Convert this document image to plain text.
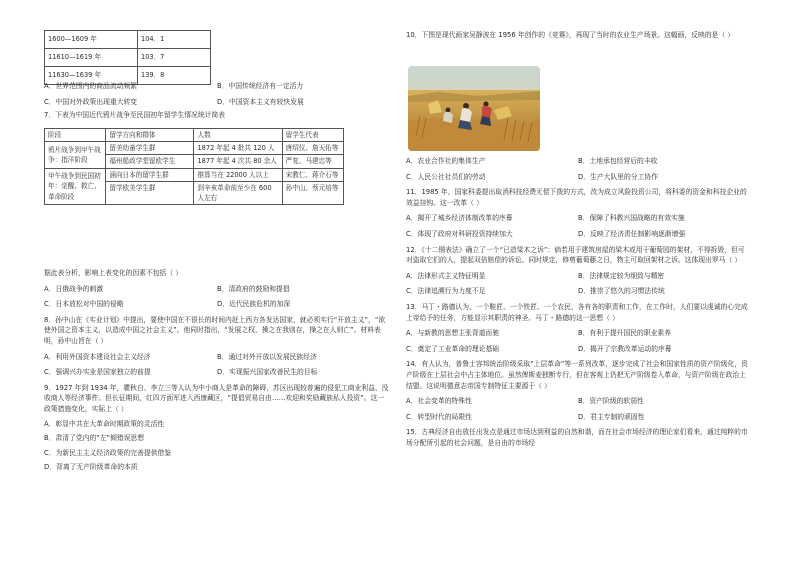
1600—1609 年	104．1
11610—1619 年	103．7
11630—1639 年	139．8
A．世界范围内的商品流动频繁	B．中国传统经济有一定活力
C．中国对外政策出现重大转变	D．中国资本主义有较快发展

7．下表为中国近代鸦片战争至民国初年留学生情况统计简表

阶段	留学方向和群体	人数	留学生代表
鸦片战争到甲午战争：指洋阶段	留美幼童学生群	1872 年起 4 批共 120 人	唐绍仪、詹天佑等
	福州船政学堂留欧学生	1877 年起 4 次共 80 余人	严复、马建忠等
甲午战争到民国初年：觉醒、救亡、革命阶段	涌向日本的留学生群	推算当在 22000 人以上	宋教仁、蒋介石等
	留学欧美学生群	到辛亥革命前至少在 600 人左右	孙中山、蔡元培等

据此表分析，影响上表变化的因素不包括（ ）

A．日俄战争的刺激	B．清政府的鼓励和提倡
C．日本放松对中国的侵略	D．近代民族危机的加深

8．孙中山在《实业计划》中提出，要使中国在不很长的时间内赶上西方各发达国家，就必须实行“开放主义”，“欲使外国之资本主义，以造成中国之社会主义”。他同时指出，“发展之权，操之在我则存，操之在人则亡”。材料表明，孙中山旨在（ ）

A．利用外国资本建设社会主义经济	B．通过对外开放以发展民族经济
C．强调兴办实业是国家独立的前提	D．实现振兴国家改善民生的目标

9．1927 年到 1934 年，瞿秋白、李立三等人认为中小商人是革命的障碍，苏区出现较普遍的侵犯工商业利益、没收商人等经济事件。但长征期间，红四方面军进入西康藏区，“提倡贸易自由……欢迎和奖励藏族私人投资”。这一政策措施变化，实际上（ ）

A．彰显中共在大革命时期政策的灵活性

B．肃清了党内的“左”倾错误思想

C．为新民主主义经济政策的完善提供借鉴

D．背离了无产阶级革命的本质

10．下图是现代画家吴静波在 1956 年创作的《竞赛》，再现了当时的农业生产场景。这幅画，反映的是（ ）

A．农业合作社的集体生产	B．土地承包经营后的丰收
C．人民公社社员们的劳动	D．生产大队里的分工协作

11．1985 年，国家科委提出取消科技经费无偿下拨的方式，改为成立风险投资公司，将科委的资金和科技企业的效益挂钩。这一改革（ ）

A．揭开了城乡经济体制改革的序幕	B．保障了科教兴国战略的有效实施
C．体现了政府对科研投资持续加大	D．反映了经济责任制影响逐渐增强

12．《十二铜表法》确立了一个“已造梁木之诉”：倘若用于建筑房屋的梁木或用于葡萄园的架材，不得拆毁，但可对盗取它们的人，提起双倍赔偿的诉讼。同时规定，修剪葡萄藤之日，物主可取回架材之诉。这体现出罗马（ ）

A．法律形式主义特征明显	B．法律规定较为细致与精密
C．法律追溯行为力度不足	D．推崇了悠久的习惯法传统

13．马丁・路德认为，一个鞋匠、一个铁匠、一个农民，各有各的职责和工作，在工作时，人们要以虔诚的心完成上帝给予的任务，方能显示其职责的神圣。马丁・路德的这一思想（ ）

A．与新教的思想主张背道而驰	B．有利于提升国民的职业素养
C．奠定了工业革命的理论基础	D．揭开了宗教改革运动的序幕

14．有人认为，普鲁士容邦统治阶级采取“上层革命”等一系列改革，逐步完成了社会和国家性质的资产阶级化，资产阶级在上层社会中占主体地位。虽然俾斯麦独断专行，但在客观上仍把无产阶级卷入革命，与资产阶级在政治上结盟。这说明德意志帝国专制特征主要源于（ ）

A．社会变革的特殊性	B．资产阶级的软弱性
C．转型时代的局限性	D．君主专制的顽固性

15．古典经济自由放任出发点是通过市场达到利益的自然和谐，而在社会市场经济的理论家们看来，通过纯粹的市场分配所引起的社会问题，是自由的市场经
